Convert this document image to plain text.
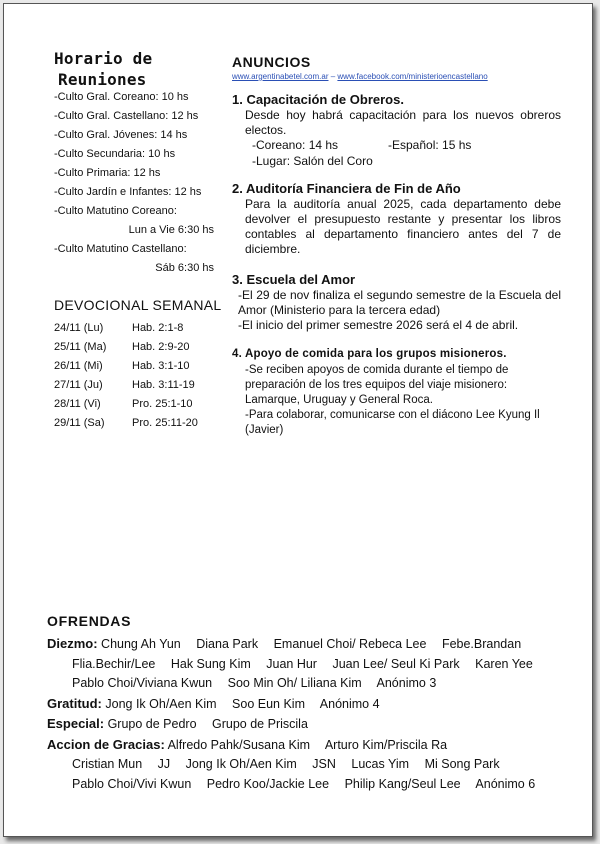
Horario de
Reuniones
-Culto Gral. Coreano: 10 hs
-Culto Gral. Castellano: 12 hs
-Culto Gral. Jóvenes: 14 hs
-Culto Secundaria: 10 hs
-Culto Primaria: 12 hs
-Culto Jardín e Infantes: 12 hs
-Culto Matutino Coreano:
Lun a Vie 6:30 hs
-Culto Matutino Castellano:
Sáb 6:30 hs
DEVOCIONAL SEMANAL
24/11 (Lu)	Hab. 2:1-8
25/11 (Ma) Hab. 2:9-20
26/11 (Mi)	Hab. 3:1-10
27/11 (Ju)	Hab. 3:11-19
28/11 (Vi)	Pro. 25:1-10
29/11 (Sa) Pro. 25:11-20
ANUNCIOS
www.argentinabetel.com.ar – www.facebook.com/ministerioencastellano
1. Capacitación de Obreros.
Desde hoy habrá capacitación para los nuevos obreros electos.
-Coreano: 14 hs	-Español: 15 hs
-Lugar: Salón del Coro
2. Auditoría Financiera de Fin de Año
Para la auditoría anual 2025, cada departamento debe devolver el presupuesto restante y presentar los libros contables al departamento financiero antes del 7 de diciembre.
3. Escuela del Amor
-El 29 de nov finaliza el segundo semestre de la Escuela del Amor (Ministerio para la tercera edad)
-El inicio del primer semestre 2026 será el 4 de abril.
4. Apoyo de comida para los grupos misioneros.
-Se reciben apoyos de comida durante el tiempo de preparación de los tres equipos del viaje misionero: Lamarque, Uruguay y General Roca.
-Para colaborar, comunicarse con el diácono Lee Kyung Il (Javier)
OFRENDAS
Diezmo: Chung Ah Yun Diana Park Emanuel Choi/ Rebeca Lee Febe.Brandan
Flia.Bechir/Lee Hak Sung Kim Juan Hur Juan Lee/ Seul Ki Park Karen Yee
Pablo Choi/Viviana Kwun Soo Min Oh/ Liliana Kim Anónimo 3
Gratitud: Jong Ik Oh/Aen Kim Soo Eun Kim Anónimo 4
Especial: Grupo de Pedro Grupo de Priscila
Accion de Gracias: Alfredo Pahk/Susana Kim Arturo Kim/Priscila Ra
Cristian Mun JJ Jong Ik Oh/Aen Kim JSN Lucas Yim Mi Song Park
Pablo Choi/Vivi Kwun Pedro Koo/Jackie Lee Philip Kang/Seul Lee Anónimo 6
